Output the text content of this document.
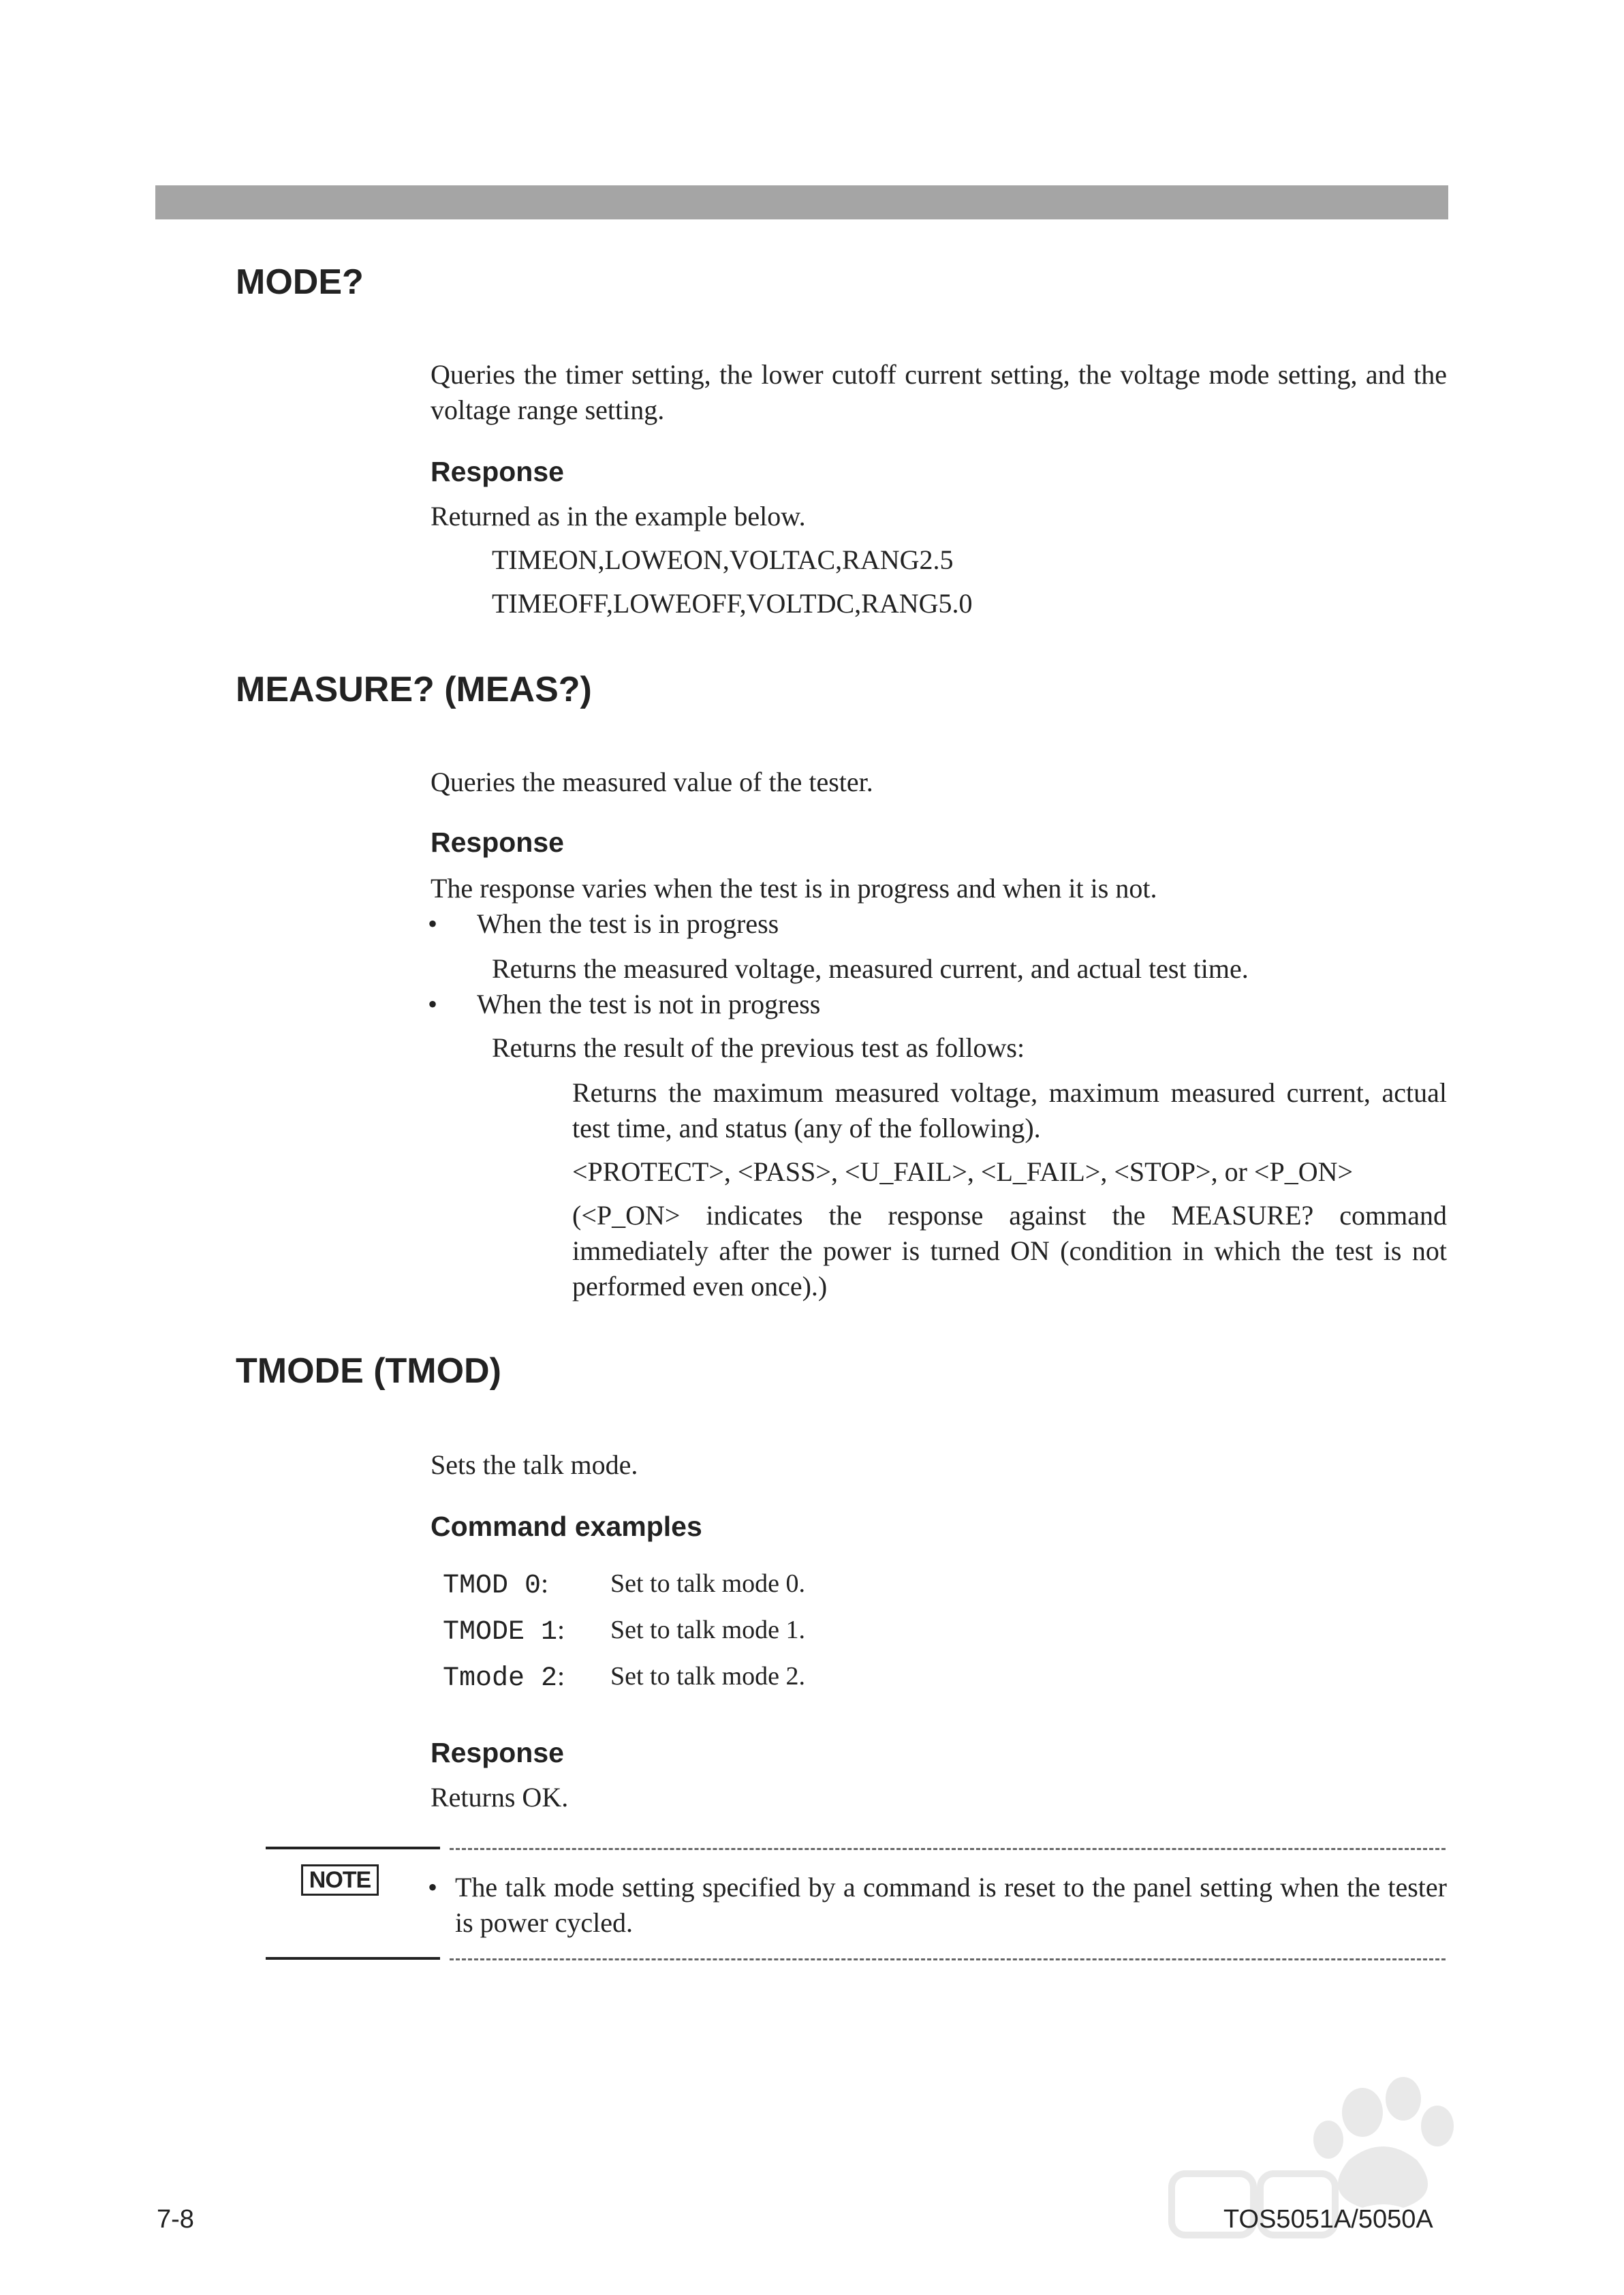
MODE?

Queries the timer setting, the lower cutoff current setting, the voltage mode setting, and the voltage range setting.

Response

Returned as in the example below.

TIMEON,LOWEON,VOLTAC,RANG2.5

TIMEOFF,LOWEOFF,VOLTDC,RANG5.0

MEASURE? (MEAS?)

Queries the measured value of the tester.

Response

The response varies when the test is in progress and when it is not.

• When the test is in progress

Returns the measured voltage, measured current, and actual test time.

• When the test is not in progress

Returns the result of the previous test as follows:

Returns the maximum measured voltage, maximum measured current, actual test time, and status (any of the following).

<PROTECT>, <PASS>, <U_FAIL>, <L_FAIL>, <STOP>, or <P_ON>

(<P_ON> indicates the response against the MEASURE? command immediately after the power is turned ON (condition in which the test is not performed even once).)

TMODE (TMOD)

Sets the talk mode.

Command examples
TMOD 0: Set to talk mode 0.
TMODE 1: Set to talk mode 1.
Tmode 2: Set to talk mode 2.
Response

Returns OK.

NOTE • The talk mode setting specified by a command is reset to the panel setting when the tester is power cycled.

7-8	TOS5051A/5050A
